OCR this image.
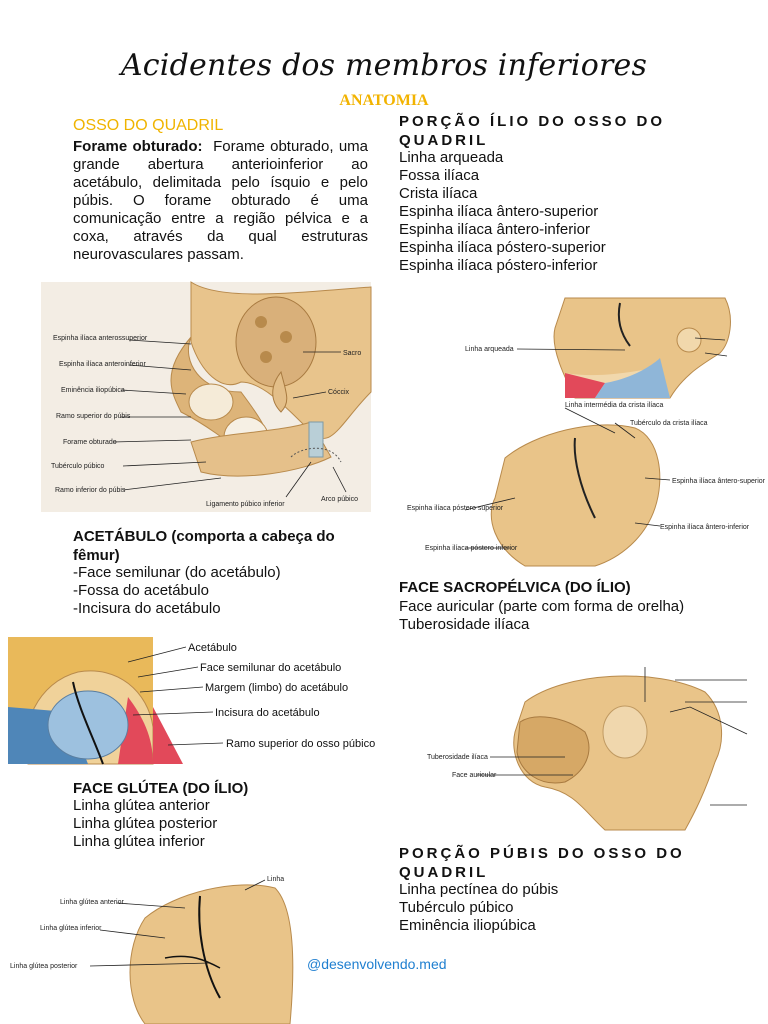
Acidentes dos membros inferiores
ANATOMIA
OSSO DO QUADRIL
Forame obturado: Forame obturado, uma grande abertura anterioinferior ao acetábulo, delimitada pelo ísquio e pelo púbis. O forame obturado é uma comunicação entre a região pélvica e a coxa, através da qual estruturas neurovasculares passam.
PORÇÃO ÍLIO DO OSSO DO QUADRIL
Linha arqueada
Fossa ilíaca
Crista ilíaca
Espinha ilíaca ântero-superior
Espinha ilíaca ântero-inferior
Espinha ilíaca póstero-superior
Espinha ilíaca póstero-inferior
Espinha ilíaca anterossuperior
Espinha ilíaca anteroinferior
Eminência iliopúbica
Ramo superior do púbis
Forame obturado
Tubérculo púbico
Ramo inferior do púbis
Sacro
Cóccix
Ligamento púbico inferior
Arco púbico
Linha arqueada
Linha intermédia da crista ilíaca
Tubérculo da crista ilíaca
Espinha ilíaca ântero-superior
Espinha ilíaca póstero superior
Espinha ilíaca ântero-inferior
Espinha ilíaca póstero inferior
ACETÁBULO (comporta a cabeça do fêmur)
-Face semilunar (do acetábulo)
-Fossa do acetábulo
-Incisura do acetábulo
Acetábulo
Face semilunar do acetábulo
Margem (limbo) do acetábulo
Incisura do acetábulo
Ramo superior do osso púbico
FACE SACROPÉLVICA (DO ÍLIO)
Face auricular (parte com forma de orelha)
Tuberosidade ilíaca
Tuberosidade ilíaca
Face auricular
FACE GLÚTEA (DO ÍLIO)
Linha glútea anterior
Linha glútea posterior
Linha glútea inferior
Linha glútea anterior
Linha glútea inferior
Linha glútea posterior
Linha
PORÇÃO PÚBIS DO OSSO DO QUADRIL
Linha pectínea do púbis
Tubérculo púbico
Eminência iliopúbica
@desenvolvendo.med
